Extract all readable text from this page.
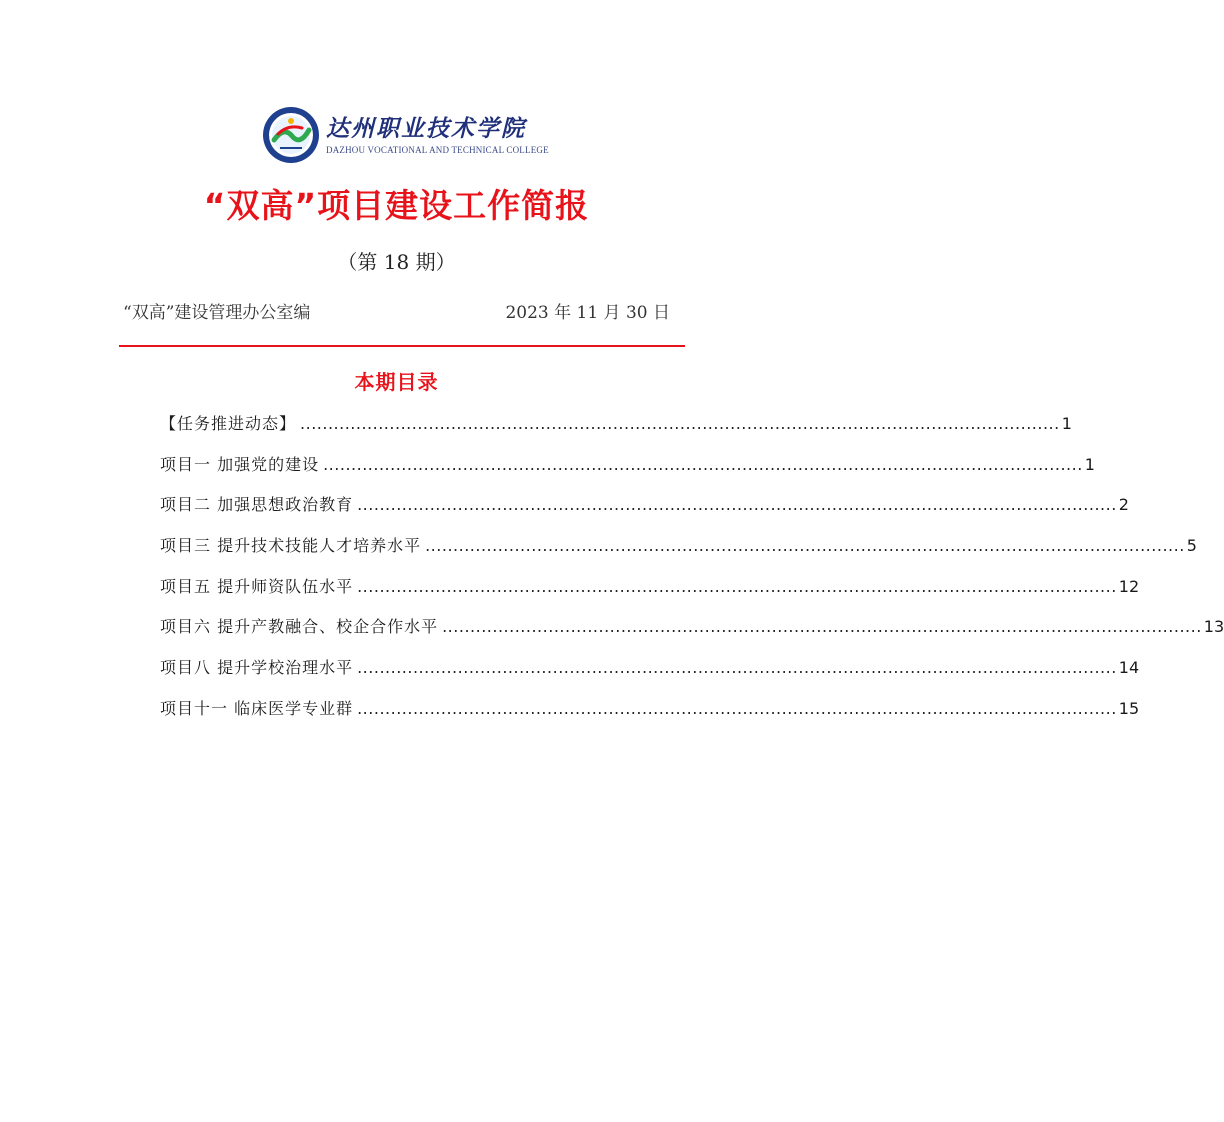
达州职业技术学院
DAZHOU VOCATIONAL AND TECHNICAL COLLEGE
“双高”项目建设工作简报
（第 18 期）
“双高”建设管理办公室编	2023 年 11 月 30 日
本期目录
【任务推进动态】 ........................................................................................................................................ 1
项目一 加强党的建设 ........................................................................................................................................ 1
项目二 加强思想政治教育 ........................................................................................................................................ 2
项目三 提升技术技能人才培养水平 ........................................................................................................................................ 5
项目五 提升师资队伍水平 ........................................................................................................................................ 12
项目六 提升产教融合、校企合作水平 ........................................................................................................................................ 13
项目八 提升学校治理水平 ........................................................................................................................................ 14
项目十一 临床医学专业群 ........................................................................................................................................ 15
